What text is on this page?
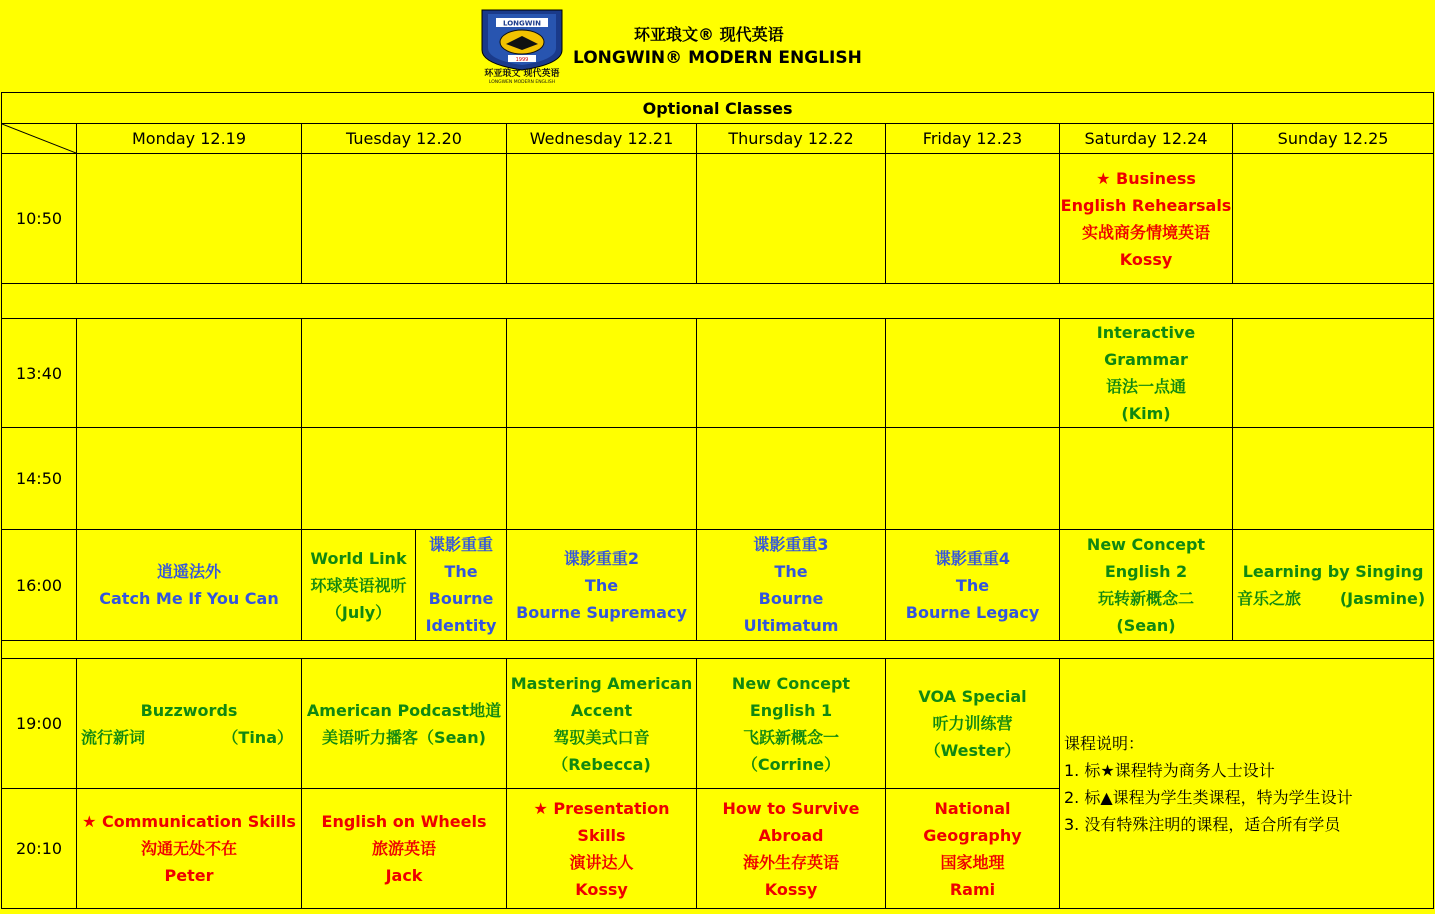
LONGWIN
1999
环亚琅文 现代英语
LONGWEN MODERN ENGLISH
环亚琅文® 现代英语
LONGWIN® MODERN ENGLISH
Optional Classes								

	Monday 12.19	Tuesday 12.20		Wednesday 12.21	Thursday 12.22	Friday 12.23	Saturday 12.24	Sunday 12.25
10:50							★ Business
English Rehearsals
实战商务情境英语
Kossy	

13:40							Interactive
Grammar
语法一点通
(Kim)	

14:50								
16:00	逍遥法外
Catch Me If You Can	World Link
环球英语视听
（July）	谍影重重
The
Bourne
Identity	谍影重重2
The
Bourne Supremacy	谍影重重3
The
Bourne
Ultimatum	谍影重重4
The
Bourne Legacy	New Concept
English 2
玩转新概念二
(Sean)	Learning by Singing
音乐之旅 (Jasmine)

19:00	Buzzwords
流行新词 （Tina）	American Podcast地道
美语听力播客（Sean)		Mastering American
Accent
驾驭美式口音
（Rebecca)	New Concept
English 1
飞跃新概念一
（Corrine）	VOA Special
听力训练营
（Wester）	课程说明：
1. 标★课程特为商务人士设计
2. 标▲课程为学生类课程，特为学生设计
3. 没有特殊注明的课程，适合所有学员	

20:10	★ Communication Skills
沟通无处不在
Peter	English on Wheels
旅游英语
Jack		★ Presentation Skills
演讲达人
Kossy	How to Survive
Abroad
海外生存英语
Kossy	National
Geography
国家地理
Rami		
